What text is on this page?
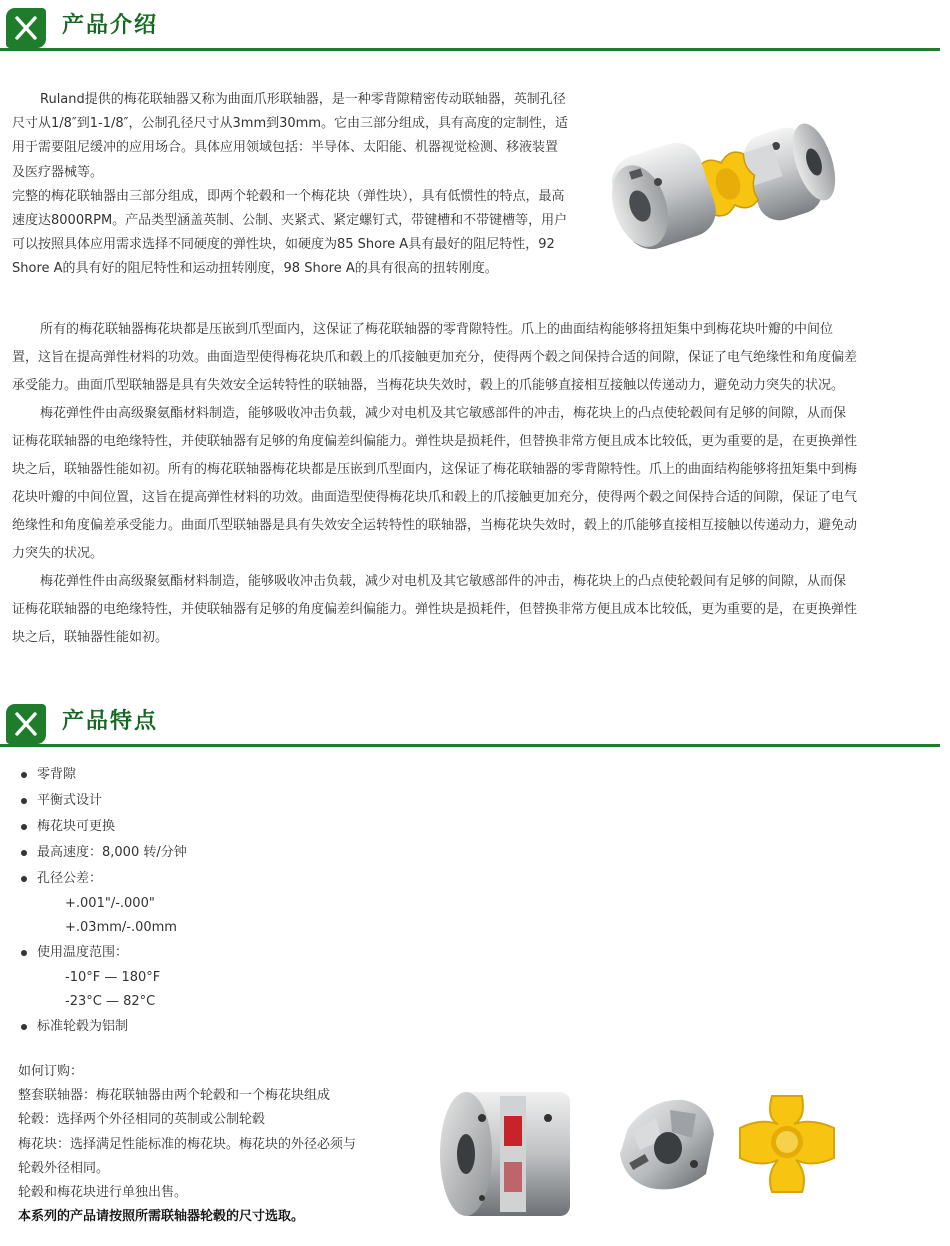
产品介绍

Ruland提供的梅花联轴器又称为曲面爪形联轴器，是一种零背隙精密传动联轴器，英制孔径尺寸从1/8″到1-1/8″，公制孔径尺寸从3mm到30mm。它由三部分组成，具有高度的定制性，适用于需要阻尼缓冲的应用场合。具体应用领域包括：半导体、太阳能、机器视觉检测、移液装置及医疗器械等。

完整的梅花联轴器由三部分组成，即两个轮毂和一个梅花块（弹性块），具有低惯性的特点，最高速度达8000RPM。产品类型涵盖英制、公制、夹紧式、紧定螺钉式，带键槽和不带键槽等，用户可以按照具体应用需求选择不同硬度的弹性块，如硬度为85 Shore A具有最好的阻尼特性，92 Shore A的具有好的阻尼特性和运动扭转刚度，98 Shore A的具有很高的扭转刚度。

所有的梅花联轴器梅花块都是压嵌到爪型面内，这保证了梅花联轴器的零背隙特性。爪上的曲面结构能够将扭矩集中到梅花块叶瓣的中间位置，这旨在提高弹性材料的功效。曲面造型使得梅花块爪和毂上的爪接触更加充分，使得两个毂之间保持合适的间隙，保证了电气绝缘性和角度偏差承受能力。曲面爪型联轴器是具有失效安全运转特性的联轴器，当梅花块失效时，毂上的爪能够直接相互接触以传递动力，避免动力突失的状况。

梅花弹性件由高级聚氨酯材料制造，能够吸收冲击负载，减少对电机及其它敏感部件的冲击，梅花块上的凸点使轮毂间有足够的间隙，从而保证梅花联轴器的电绝缘特性，并使联轴器有足够的角度偏差纠偏能力。弹性块是损耗件，但替换非常方便且成本比较低，更为重要的是，在更换弹性块之后，联轴器性能如初。所有的梅花联轴器梅花块都是压嵌到爪型面内，这保证了梅花联轴器的零背隙特性。爪上的曲面结构能够将扭矩集中到梅花块叶瓣的中间位置，这旨在提高弹性材料的功效。曲面造型使得梅花块爪和毂上的爪接触更加充分，使得两个毂之间保持合适的间隙，保证了电气绝缘性和角度偏差承受能力。曲面爪型联轴器是具有失效安全运转特性的联轴器，当梅花块失效时，毂上的爪能够直接相互接触以传递动力，避免动力突失的状况。

梅花弹性件由高级聚氨酯材料制造，能够吸收冲击负载，减少对电机及其它敏感部件的冲击，梅花块上的凸点使轮毂间有足够的间隙，从而保证梅花联轴器的电绝缘特性，并使联轴器有足够的角度偏差纠偏能力。弹性块是损耗件，但替换非常方便且成本比较低，更为重要的是，在更换弹性块之后，联轴器性能如初。

产品特点
零背隙
平衡式设计
梅花块可更换
最高速度：8,000 转/分钟
孔径公差：
+.001"/-.000"
+.03mm/-.00mm
使用温度范围：
-10°F — 180°F
-23°C — 82°C
标准轮毂为铝制

如何订购：

整套联轴器：梅花联轴器由两个轮毂和一个梅花块组成

轮毂：选择两个外径相同的英制或公制轮毂

梅花块：选择满足性能标准的梅花块。梅花块的外径必须与

轮毂外径相同。

轮毂和梅花块进行单独出售。

本系列的产品请按照所需联轴器轮毂的尺寸选取。
